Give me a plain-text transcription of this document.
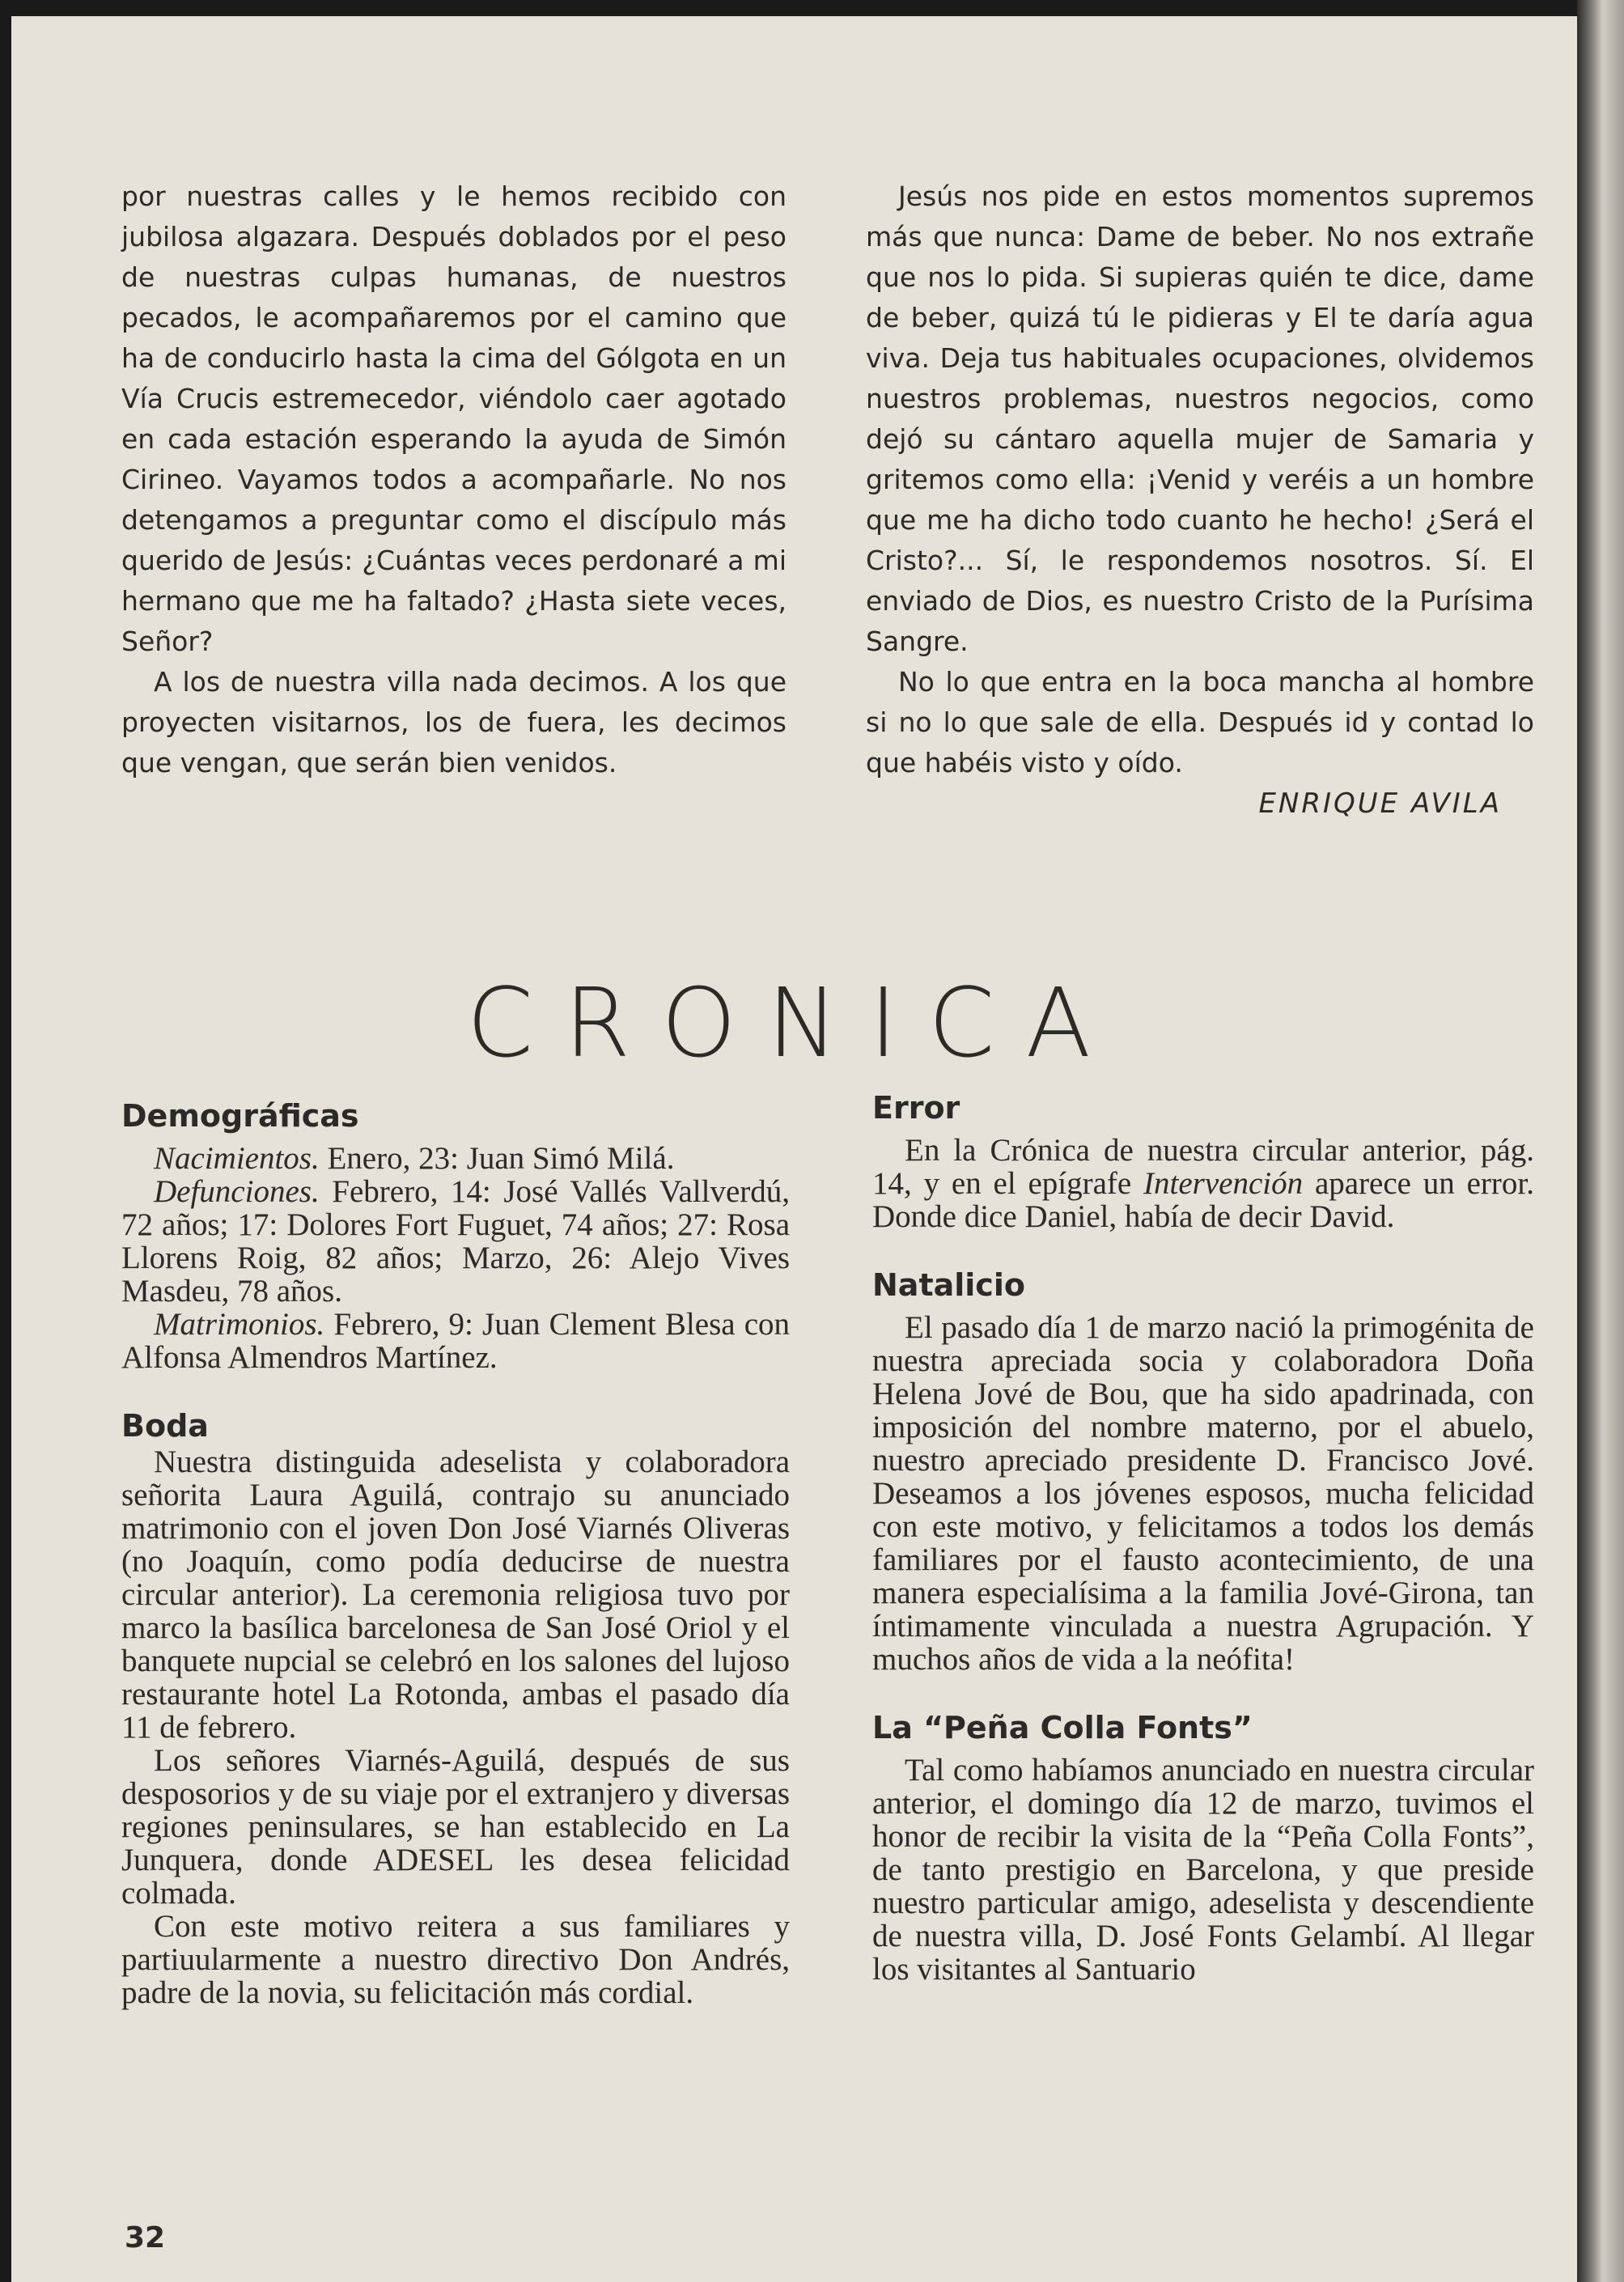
por nuestras calles y le hemos recibido con jubilosa algazara. Después doblados por el peso de nuestras culpas humanas, de nuestros pecados, le acompañaremos por el camino que ha de conducirlo hasta la cima del Gólgota en un Vía Crucis estremecedor, viéndolo caer agotado en cada estación esperando la ayuda de Simón Cirineo. Vayamos todos a acompañarle. No nos detengamos a preguntar como el discípulo más querido de Jesús: ¿Cuántas veces perdonaré a mi hermano que me ha faltado? ¿Hasta siete veces, Señor?

A los de nuestra villa nada decimos. A los que proyecten visitarnos, los de fuera, les decimos que vengan, que serán bien venidos.

Jesús nos pide en estos momentos supremos más que nunca: Dame de beber. No nos extrañe que nos lo pida. Si supieras quién te dice, dame de beber, quizá tú le pidieras y El te daría agua viva. Deja tus habituales ocupaciones, olvidemos nuestros problemas, nuestros negocios, como dejó su cántaro aquella mujer de Samaria y gritemos como ella: ¡Venid y veréis a un hombre que me ha dicho todo cuanto he hecho! ¿Será el Cristo?... Sí, le respondemos nosotros. Sí. El enviado de Dios, es nuestro Cristo de la Purísima Sangre.

No lo que entra en la boca mancha al hombre si no lo que sale de ella. Después id y contad lo que habéis visto y oído.

ENRIQUE AVILA

CRONICA
Demográficas

Nacimientos. Enero, 23: Juan Simó Milá.

Defunciones. Febrero, 14: José Vallés Vallverdú, 72 años; 17: Dolores Fort Fuguet, 74 años; 27: Rosa Llorens Roig, 82 años; Marzo, 26: Alejo Vives Masdeu, 78 años.

Matrimonios. Febrero, 9: Juan Clement Blesa con Alfonsa Almendros Martínez.

Boda

Nuestra distinguida adeselista y colaboradora señorita Laura Aguilá, contrajo su anunciado matrimonio con el joven Don José Viarnés Oliveras (no Joaquín, como podía deducirse de nuestra circular anterior). La ceremonia religiosa tuvo por marco la basílica barcelonesa de San José Oriol y el banquete nupcial se celebró en los salones del lujoso restaurante hotel La Rotonda, ambas el pasado día 11 de febrero.

Los señores Viarnés-Aguilá, después de sus desposorios y de su viaje por el extranjero y diversas regiones peninsulares, se han establecido en La Junquera, donde ADESEL les desea felicidad colmada.

Con este motivo reitera a sus familiares y partiuularmente a nuestro directivo Don Andrés, padre de la novia, su felicitación más cordial.

Error

En la Crónica de nuestra circular anterior, pág. 14, y en el epígrafe Intervención aparece un error. Donde dice Daniel, había de decir David.

Natalicio

El pasado día 1 de marzo nació la primogénita de nuestra apreciada socia y colaboradora Doña Helena Jové de Bou, que ha sido apadrinada, con imposición del nombre materno, por el abuelo, nuestro apreciado presidente D. Francisco Jové. Deseamos a los jóvenes esposos, mucha felicidad con este motivo, y felicitamos a todos los demás familiares por el fausto acontecimiento, de una manera especialísima a la familia Jové-Girona, tan íntimamente vinculada a nuestra Agrupación. Y muchos años de vida a la neófita!

La “Peña Colla Fonts”

Tal como habíamos anunciado en nuestra circular anterior, el domingo día 12 de marzo, tuvimos el honor de recibir la visita de la “Peña Colla Fonts”, de tanto prestigio en Barcelona, y que preside nuestro particular amigo, adeselista y descendiente de nuestra villa, D. José Fonts Gelambí. Al llegar los visitantes al Santuario

32
